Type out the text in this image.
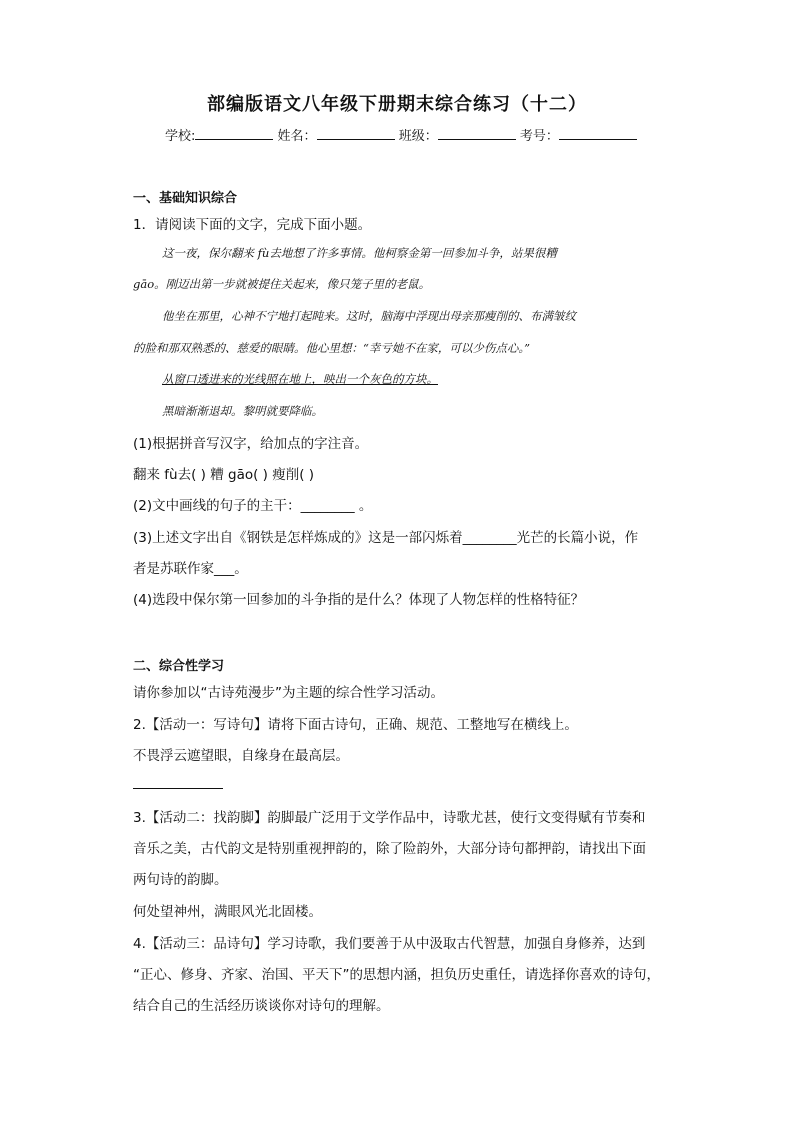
部编版语文八年级下册期末综合练习（十二）
学校:	姓名：	班级：	考号：
一、基础知识综合
1．请阅读下面的文字，完成下面小题。
这一夜，保尔翻来 fù去地想了许多事情。他柯察金第一回参加斗争，站果很糟
gāo。刚迈出第一步就被提住关起来，像只笼子里的老鼠。
他坐在那里，心神不宁地打起盹来。这时，脑海中浮现出母亲那瘦削的、布满皱纹
的脸和那双熟悉的、慈爱的眼睛。他心里想：“幸亏她不在家，可以少伤点心。”
从窗口透进来的光线照在地上，映出一个灰色的方块。
黑暗渐渐退却。黎明就要降临。
(1)根据拼音写汉字，给加点的字注音。
翻来 fù去( ) 糟 gāo( ) 瘦削( )
(2)文中画线的句子的主干：________ 。
(3)上述文字出自《钢铁是怎样炼成的》这是一部闪烁着________光芒的长篇小说，作
者是苏联作家___。
(4)选段中保尔第一回参加的斗争指的是什么？体现了人物怎样的性格特征？
二、综合性学习
请你参加以“古诗苑漫步”为主题的综合性学习活动。
2.【活动一：写诗句】请将下面古诗句，正确、规范、工整地写在横线上。
不畏浮云遮望眼，自缘身在最高层。
3.【活动二：找韵脚】韵脚最广泛用于文学作品中，诗歌尤甚，使行文变得赋有节奏和
音乐之美，古代韵文是特别重视押韵的，除了险韵外，大部分诗句都押韵，请找出下面
两句诗的韵脚。
何处望神州，满眼风光北固楼。
4.【活动三：品诗句】学习诗歌，我们要善于从中汲取古代智慧，加强自身修养，达到
“正心、修身、齐家、治国、平天下”的思想内涵，担负历史重任，请选择你喜欢的诗句，
结合自己的生活经历谈谈你对诗句的理解。
